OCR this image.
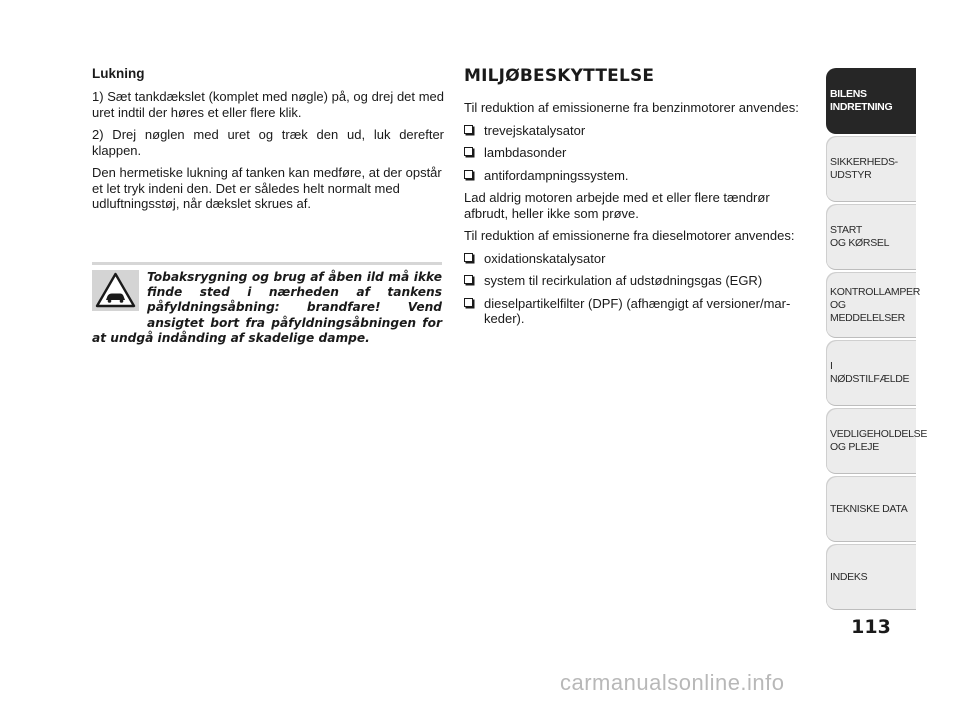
Lukning

1) Sæt tankdækslet (komplet med nøgle) på, og drej det med uret indtil der høres et eller flere klik.

2) Drej nøglen med uret og træk den ud, luk derefter klappen.

Den hermetiske lukning af tanken kan medføre, at der opstår et let tryk indeni den. Det er således helt normalt med udluftningsstøj, når dækslet skrues af.

Tobaksrygning og brug af åben ild må ikke finde sted i nærheden af tankens påfyldningsåbning: brandfare! Vend ansigtet bort fra påfyldningsåbningen for at undgå indånding af skadelige dampe.

MILJØBESKYTTELSE

Til reduktion af emissionerne fra benzinmotorer anvendes:

trevejskatalysator
lambdasonder
antifordampningssystem.

Lad aldrig motoren arbejde med et eller flere tændrør afbrudt, heller ikke som prøve.

Til reduktion af emissionerne fra dieselmotorer anvendes:

oxidationskatalysator
system til recirkulation af udstødningsgas (EGR)
dieselpartikelfilter (DPF) (afhængigt af versioner/mar-
keder).
BILENS
INDRETNING
SIKKERHEDS-
UDSTYR
START
OG KØRSEL
KONTROLLAMPER
OG MEDDELELSER
I NØDSTILFÆLDE
VEDLIGEHOLDELSE
OG PLEJE
TEKNISKE DATA
INDEKS
113
carmanualsonline.info
